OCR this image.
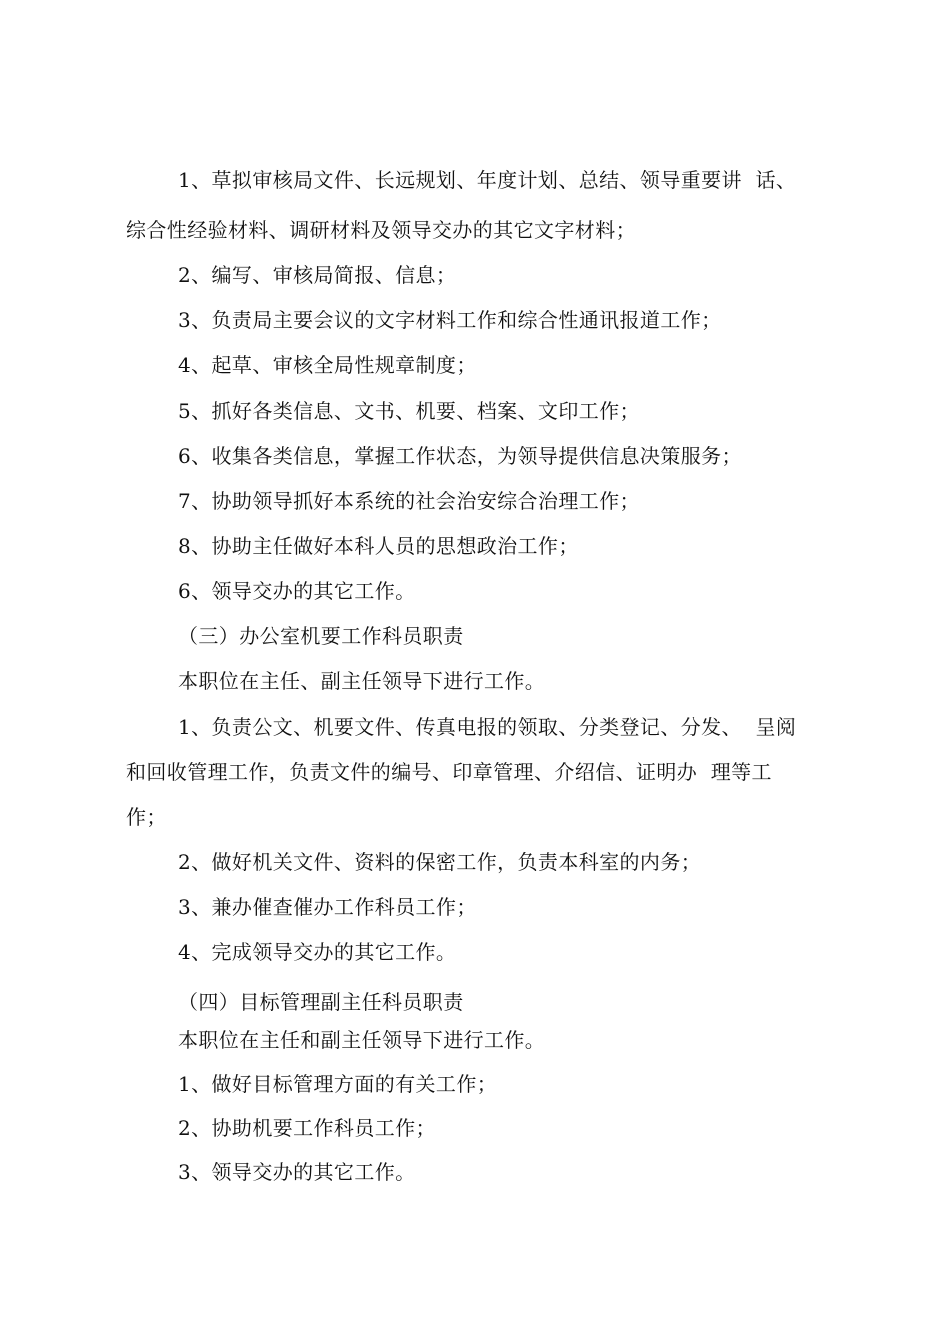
1、草拟审核局文件、长远规划、年度计划、总结、领导重要讲  话、
综合性经验材料、调研材料及领导交办的其它文字材料；
2、编写、审核局简报、信息；
3、负责局主要会议的文字材料工作和综合性通讯报道工作；
4、起草、审核全局性规章制度；
5、抓好各类信息、文书、机要、档案、文印工作；
6、收集各类信息，掌握工作状态，为领导提供信息决策服务；
7、协助领导抓好本系统的社会治安综合治理工作；
8、协助主任做好本科人员的思想政治工作；
6、领导交办的其它工作。
（三）办公室机要工作科员职责
本职位在主任、副主任领导下进行工作。
1、负责公文、机要文件、传真电报的领取、分类登记、分发、  呈阅
和回收管理工作，负责文件的编号、印章管理、介绍信、证明办  理等工
作；
2、做好机关文件、资料的保密工作，负责本科室的内务；
3、兼办催查催办工作科员工作；
4、完成领导交办的其它工作。
（四）目标管理副主任科员职责
本职位在主任和副主任领导下进行工作。
1、做好目标管理方面的有关工作；
2、协助机要工作科员工作；
3、领导交办的其它工作。
